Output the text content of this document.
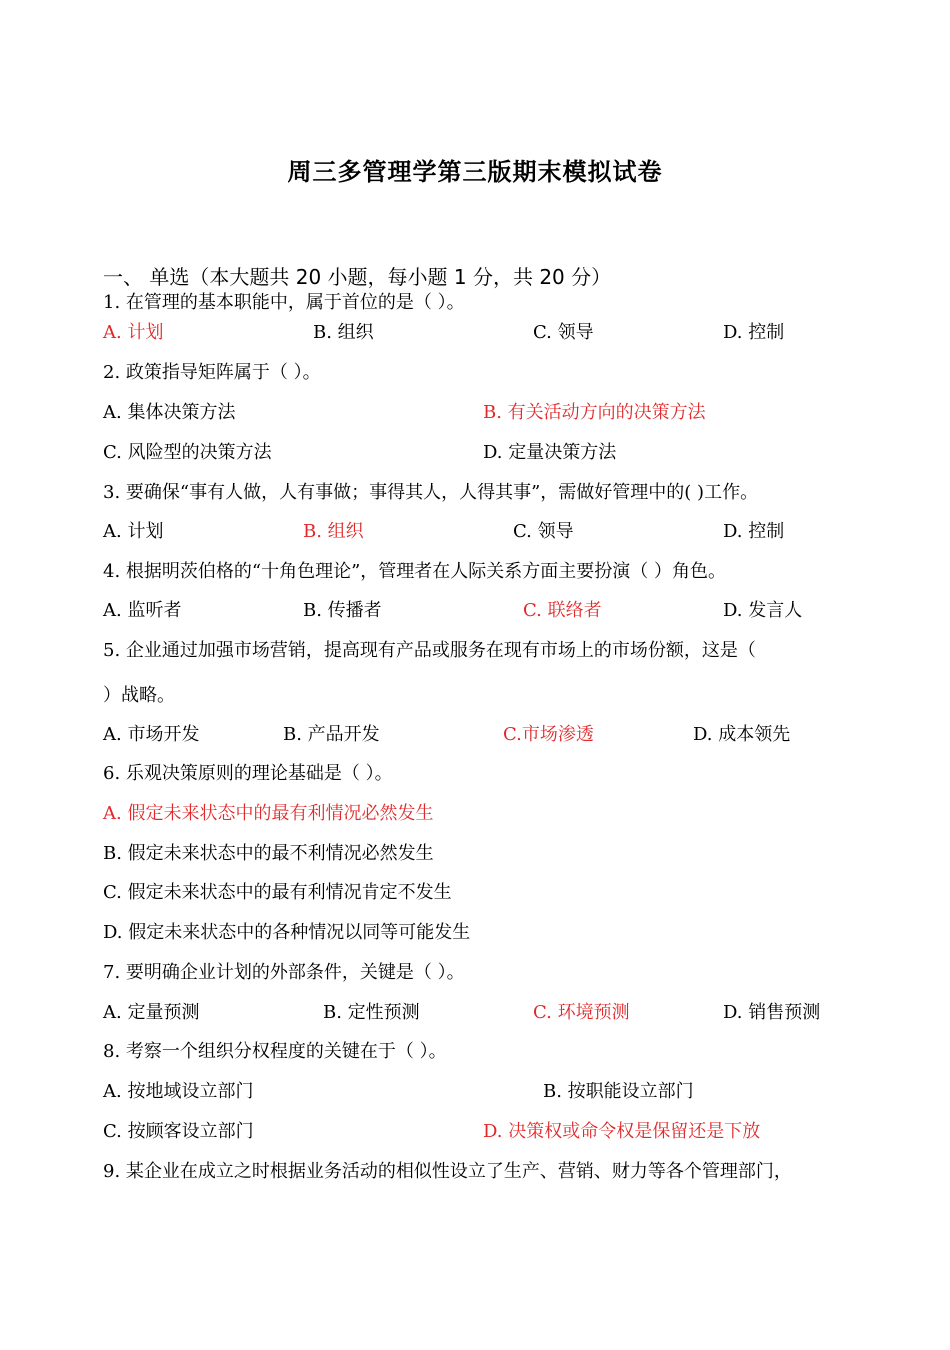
周三多管理学第三版期末模拟试卷
一、 单选（本大题共 20 小题，每小题 1 分，共 20 分）
1. 在管理的基本职能中，属于首位的是（ ）。
A. 计划	B. 组织	C. 领导	D. 控制
2. 政策指导矩阵属于（ ）。
A. 集体决策方法	B. 有关活动方向的决策方法
C. 风险型的决策方法	D. 定量决策方法
3. 要确保“事有人做，人有事做；事得其人，人得其事”，需做好管理中的( )工作。
A. 计划	B. 组织	C. 领导	D. 控制
4. 根据明茨伯格的“十角色理论”，管理者在人际关系方面主要扮演（ ）角色。
A. 监听者	B. 传播者	C. 联络者	D. 发言人
5. 企业通过加强市场营销，提高现有产品或服务在现有市场上的市场份额，这是（
）战略。
A. 市场开发	B. 产品开发	C.市场渗透	D. 成本领先
6. 乐观决策原则的理论基础是（ ）。
A. 假定未来状态中的最有利情况必然发生
B. 假定未来状态中的最不利情况必然发生
C. 假定未来状态中的最有利情况肯定不发生
D. 假定未来状态中的各种情况以同等可能发生
7. 要明确企业计划的外部条件，关键是（ ）。
A. 定量预测	B. 定性预测	C. 环境预测	D. 销售预测
8. 考察一个组织分权程度的关键在于（ ）。
A. 按地域设立部门	B. 按职能设立部门
C. 按顾客设立部门	D. 决策权或命令权是保留还是下放
9. 某企业在成立之时根据业务活动的相似性设立了生产、营销、财力等各个管理部门，
